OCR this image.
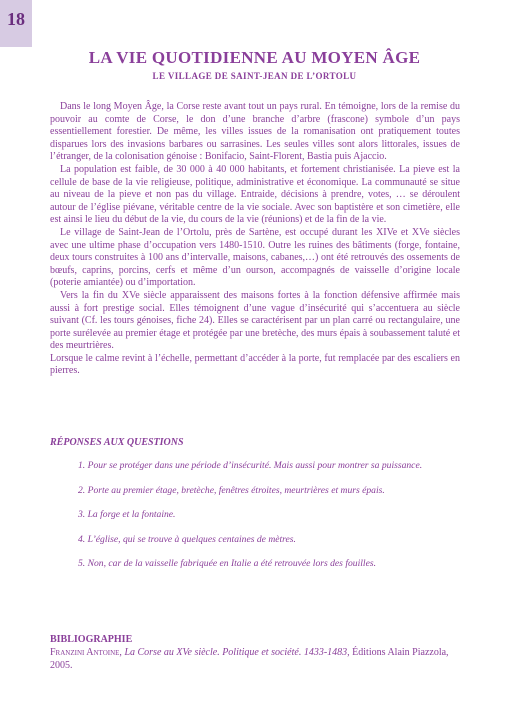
18
LA VIE QUOTIDIENNE AU MOYEN ÂGE
LE VILLAGE DE SAINT-JEAN DE L’ORTOLU

Dans le long Moyen Âge, la Corse reste avant tout un pays rural. En témoigne, lors de la remise du pouvoir au comte de Corse, le don d’une branche d’arbre (frascone) symbole d’un pays essentiellement forestier. De même, les villes issues de la romanisation ont pratiquement toutes disparues lors des invasions barbares ou sarrasines. Les seules villes sont alors littorales, issues de l’étranger, de la colonisation génoise : Bonifacio, Saint-Florent, Bastia puis Ajaccio.

La population est faible, de 30 000 à 40 000 habitants, et fortement christianisée. La pieve est la cellule de base de la vie religieuse, politique, administrative et économique. La communauté se situe au niveau de la pieve et non pas du village. Entraide, décisions à prendre, votes, … se déroulent autour de l’église piévane, véritable centre de la vie sociale. Avec son baptistère et son cimetière, elle est ainsi le lieu du début de la vie, du cours de la vie (réunions) et de la fin de la vie.

Le village de Saint-Jean de l’Ortolu, près de Sartène, est occupé durant les XIVe et XVe siècles avec une ultime phase d’occupation vers 1480-1510. Outre les ruines des bâtiments (forge, fontaine, deux tours construites à 100 ans d’intervalle, maisons, cabanes,…) ont été retrouvés des ossements de bœufs, caprins, porcins, cerfs et même d’un ourson, accompagnés de vaisselle d’origine locale (poterie amiantée) ou d’importation.

Vers la fin du XVe siècle apparaissent des maisons fortes à la fonction défensive affirmée mais aussi à fort prestige social. Elles témoignent d’une vague d’insécurité qui s’accentuera au siècle suivant (Cf. les tours génoises, fiche 24). Elles se caractérisent par un plan carré ou rectangulaire, une porte surélevée au premier étage et protégée par une bretèche, des murs épais à soubassement taluté et des meurtrières.

Lorsque le calme revint à l’échelle, permettant d’accéder à la porte, fut remplacée par des escaliers en pierres.

RÉPONSES AUX QUESTIONS
1. Pour se protéger dans une période d’insécurité. Mais aussi pour montrer sa puissance.
2. Porte au premier étage, bretèche, fenêtres étroites, meurtrières et murs épais.
3. La forge et la fontaine.
4. L’église, qui se trouve à quelques centaines de mètres.
5. Non, car de la vaisselle fabriquée en Italie a été retrouvée lors des fouilles.
BIBLIOGRAPHIE
Franzini Antoine, La Corse au XVe siècle. Politique et société. 1433-1483, Éditions Alain Piazzola, 2005.
